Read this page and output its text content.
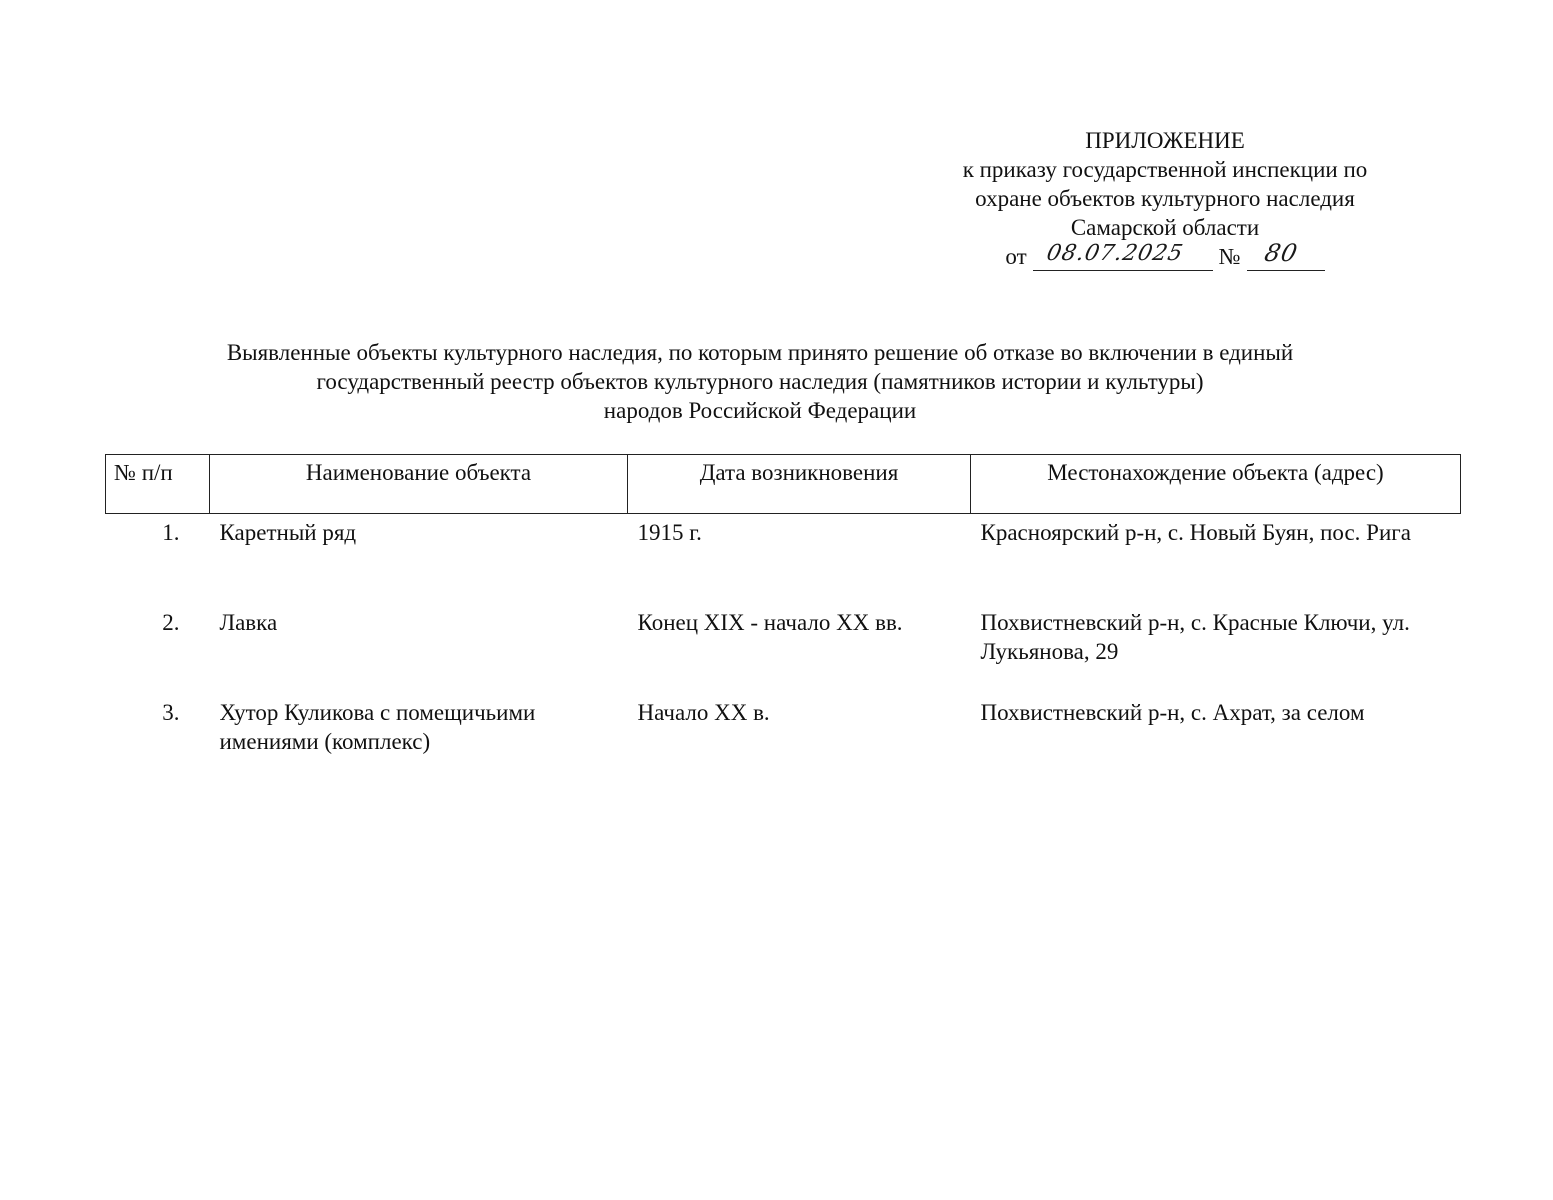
ПРИЛОЖЕНИЕ
к приказу государственной инспекции по
охране объектов культурного наследия
Самарской области
от 08.07.2025 № 80
Выявленные объекты культурного наследия, по которым принято решение об отказе во включении в единый
государственный реестр объектов культурного наследия (памятников истории и культуры)
народов Российской Федерации
№ п/п	Наименование объекта	Дата возникновения	Местонахождение объекта (адрес)
1.	Каретный ряд	1915 г.	Красноярский р-н, с. Новый Буян, пос. Рига
2.	Лавка	Конец XIX - начало XX вв.	Похвистневский р-н, с. Красные Ключи, ул. Лукьянова, 29
3.	Хутор Куликова с помещичьими имениями (комплекс)	Начало XX в.	Похвистневский р-н, с. Ахрат, за селом
